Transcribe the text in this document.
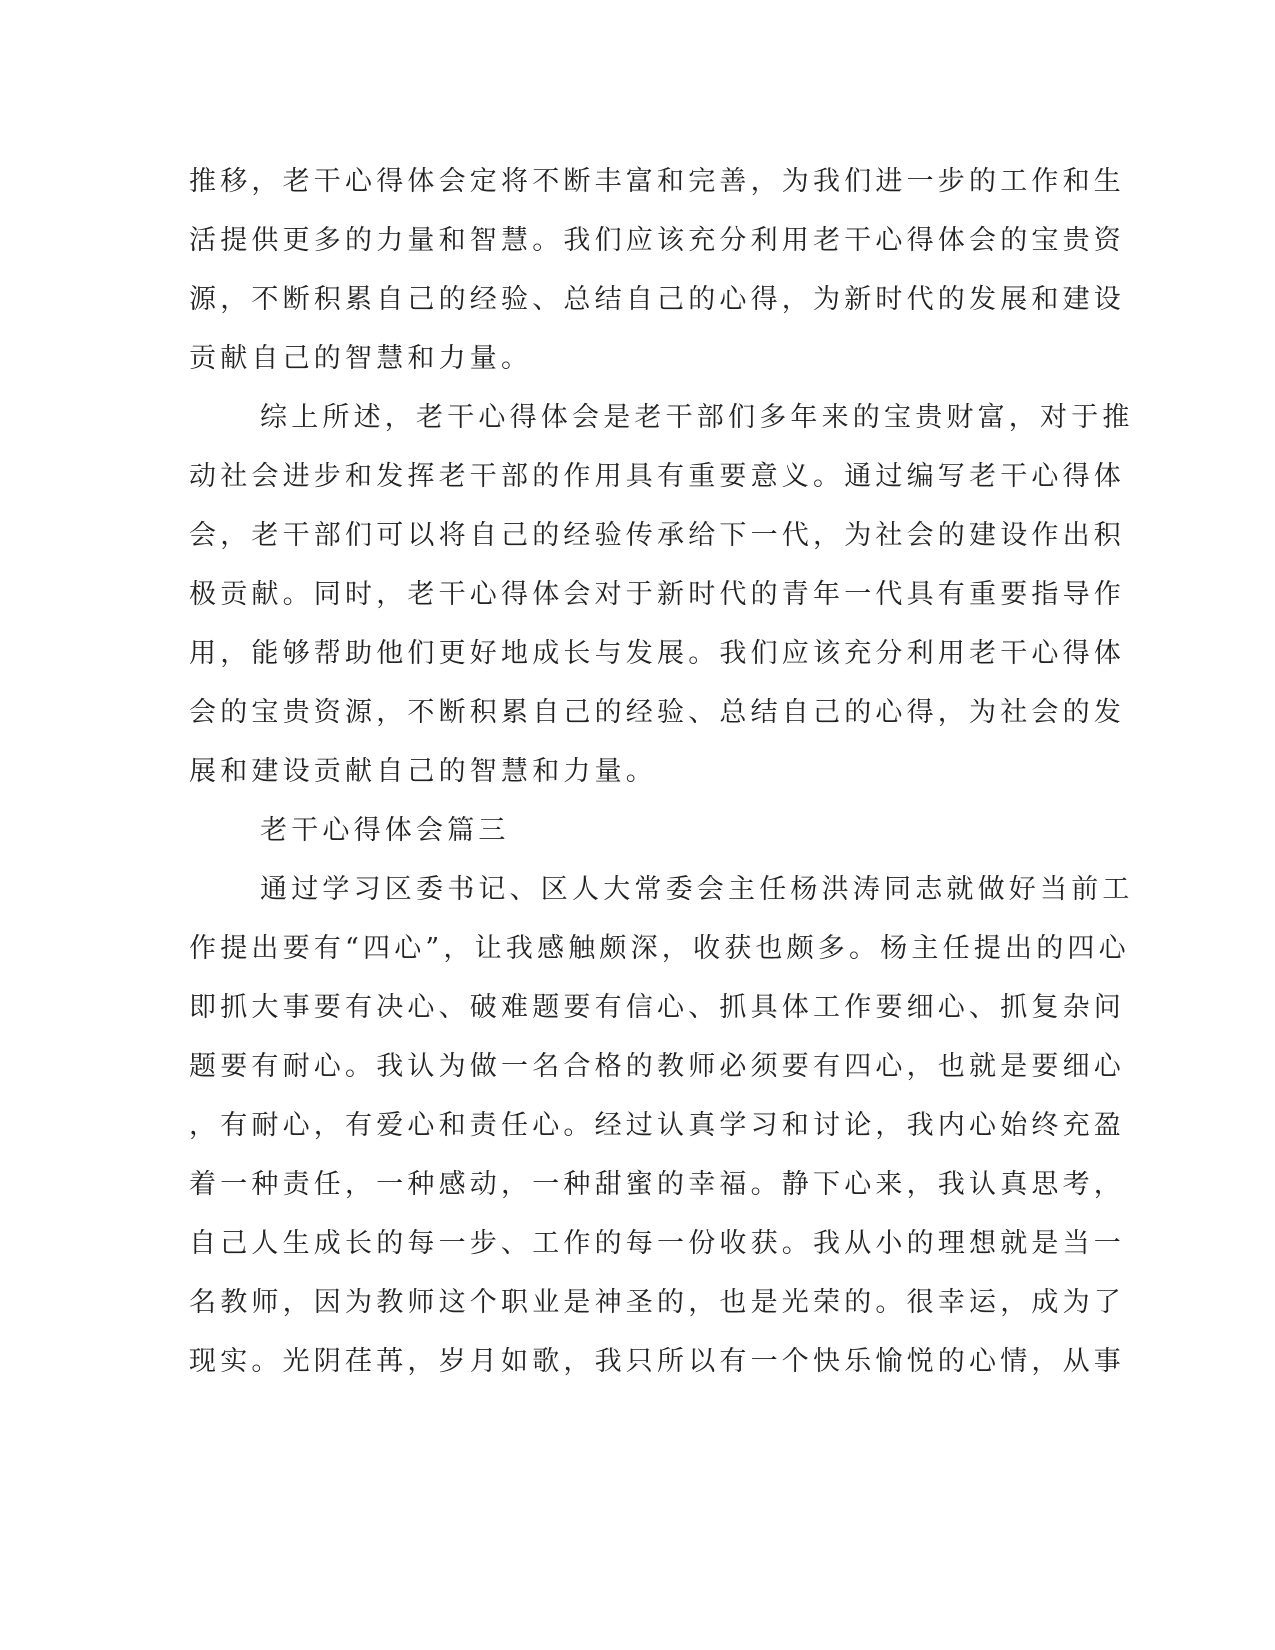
推移，老干心得体会定将不断丰富和完善，为我们进一步的工作和生
活提供更多的力量和智慧。我们应该充分利用老干心得体会的宝贵资
源，不断积累自己的经验、总结自己的心得，为新时代的发展和建设
贡献自己的智慧和力量。
综上所述，老干心得体会是老干部们多年来的宝贵财富，对于推
动社会进步和发挥老干部的作用具有重要意义。通过编写老干心得体
会，老干部们可以将自己的经验传承给下一代，为社会的建设作出积
极贡献。同时，老干心得体会对于新时代的青年一代具有重要指导作
用，能够帮助他们更好地成长与发展。我们应该充分利用老干心得体
会的宝贵资源，不断积累自己的经验、总结自己的心得，为社会的发
展和建设贡献自己的智慧和力量。
老干心得体会篇三
通过学习区委书记、区人大常委会主任杨洪涛同志就做好当前工
作提出要有“四心”，让我感触颇深，收获也颇多。杨主任提出的四心
即抓大事要有决心、破难题要有信心、抓具体工作要细心、抓复杂问
题要有耐心。我认为做一名合格的教师必须要有四心，也就是要细心
，有耐心，有爱心和责任心。经过认真学习和讨论，我内心始终充盈
着一种责任，一种感动，一种甜蜜的幸福。静下心来，我认真思考，
自己人生成长的每一步、工作的每一份收获。我从小的理想就是当一
名教师，因为教师这个职业是神圣的，也是光荣的。很幸运，成为了
现实。光阴荏苒，岁月如歌，我只所以有一个快乐愉悦的心情，从事
